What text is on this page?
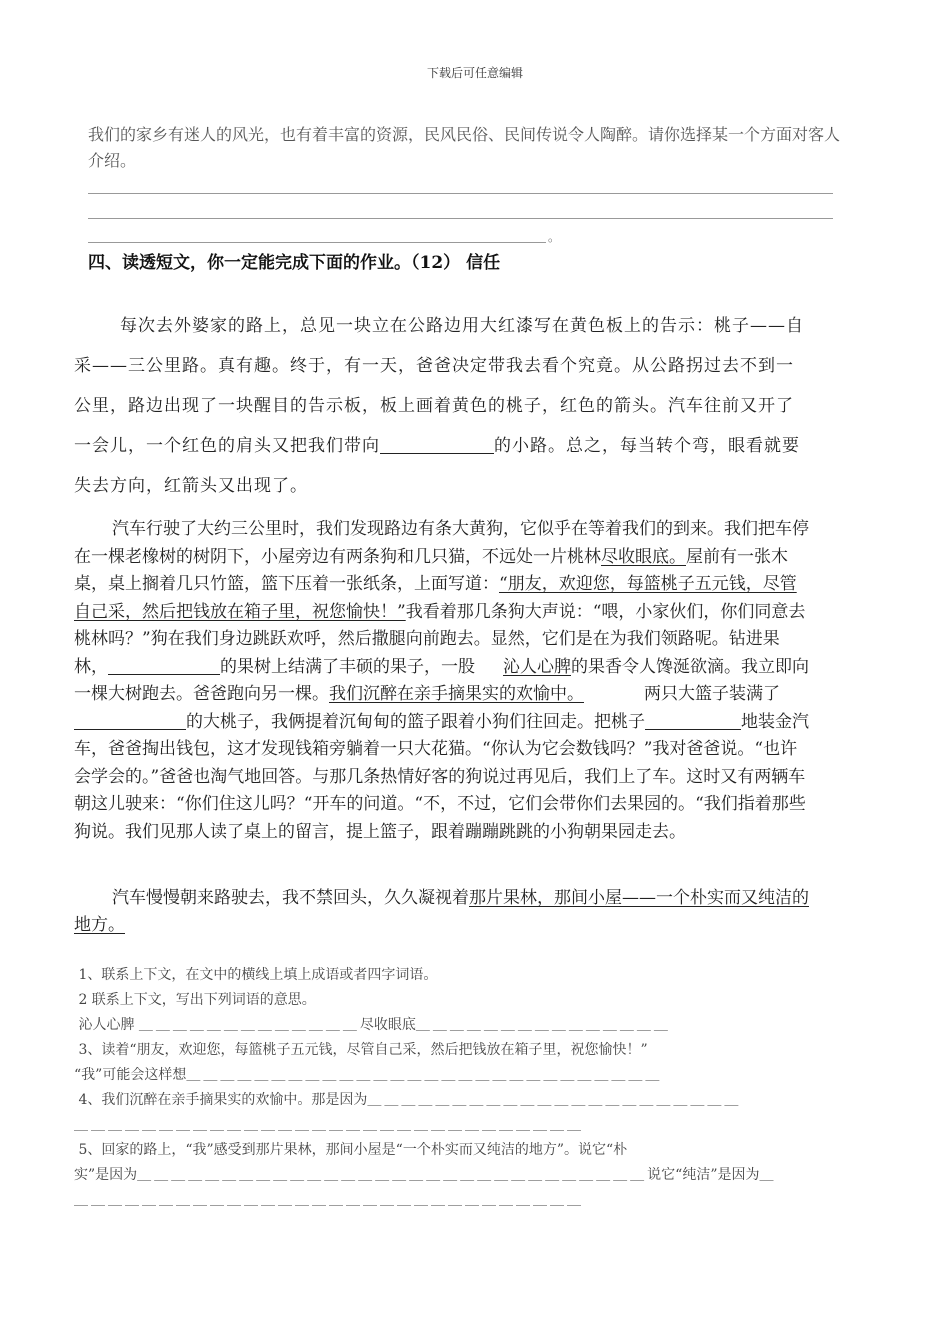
下载后可任意编辑
我们的家乡有迷人的风光，也有着丰富的资源，民风民俗、民间传说令人陶醉。请你选择某一个方面对客人介绍。
。
四、读透短文，你一定能完成下面的作业。（12） 信任
每次去外婆家的路上，总见一块立在公路边用大红漆写在黄色板上的告示：桃子——自采——三公里路。真有趣。终于，有一天，爸爸决定带我去看个究竟。从公路拐过去不到一公里，路边出现了一块醒目的告示板，板上画着黄色的桃子，红色的箭头。汽车往前又开了一会儿，一个红色的肩头又把我们带向	的小路。总之，每当转个弯，眼看就要失去方向，红箭头又出现了。
汽车行驶了大约三公里时，我们发现路边有条大黄狗，它似乎在等着我们的到来。我们把车停在一棵老橡树的树阴下，小屋旁边有两条狗和几只猫，不远处一片桃林尽收眼底。屋前有一张木桌，桌上搁着几只竹篮，篮下压着一张纸条，上面写道：“朋友，欢迎您，每篮桃子五元钱，尽管自己采，然后把钱放在箱子里，祝您愉快！”我看着那几条狗大声说：“喂，小家伙们，你们同意去桃林吗？”狗在我们身边跳跃欢呼，然后撒腿向前跑去。显然，它们是在为我们领路呢。钻进果林，	的果树上结满了丰硕的果子，一股 沁人心脾的果香令人馋涎欲滴。我立即向一棵大树跑去。爸爸跑向另一棵。我们沉醉在亲手摘果实的欢愉中。	两只大篮子装满了的大桃子，我俩提着沉甸甸的篮子跟着小狗们往回走。把桃子	地装金汽车，爸爸掏出钱包，这才发现钱箱旁躺着一只大花猫。“你认为它会数钱吗？”我对爸爸说。“也许会学会的。”爸爸也淘气地回答。与那几条热情好客的狗说过再见后，我们上了车。这时又有两辆车朝这儿驶来：“你们住这儿吗？“开车的问道。“不，不过，它们会带你们去果园的。“我们指着那些狗说。我们见那人读了桌上的留言，提上篮子，跟着蹦蹦跳跳的小狗朝果园走去。
汽车慢慢朝来路驶去，我不禁回头，久久凝视着那片果林，那间小屋——一个朴实而又纯洁的地方。
1、联系上下文，在文中的横线上填上成语或者四字词语。
2 联系上下文，写出下列词语的意思。
沁人心脾 ＿＿＿＿＿＿＿＿＿＿＿＿＿尽收眼底＿＿＿＿＿＿＿＿＿＿＿＿＿＿＿
3、读着“朋友，欢迎您，每篮桃子五元钱，尽管自己采，然后把钱放在箱子里，祝您愉快！”
“我”可能会这样想＿＿＿＿＿＿＿＿＿＿＿＿＿＿＿＿＿＿＿＿＿＿＿＿＿＿＿＿
4、我们沉醉在亲手摘果实的欢愉中。那是因为＿＿＿＿＿＿＿＿＿＿＿＿＿＿＿＿＿＿＿＿＿＿
＿＿＿＿＿＿＿＿＿＿＿＿＿＿＿＿＿＿＿＿＿＿＿＿＿＿＿＿＿＿
5、回家的路上，“我”感受到那片果林，那间小屋是“一个朴实而又纯洁的地方”。说它“朴
实”是因为＿＿＿＿＿＿＿＿＿＿＿＿＿＿＿＿＿＿＿＿＿＿＿＿＿＿＿＿＿＿说它“纯洁”是因为＿
＿＿＿＿＿＿＿＿＿＿＿＿＿＿＿＿＿＿＿＿＿＿＿＿＿＿＿＿＿＿
